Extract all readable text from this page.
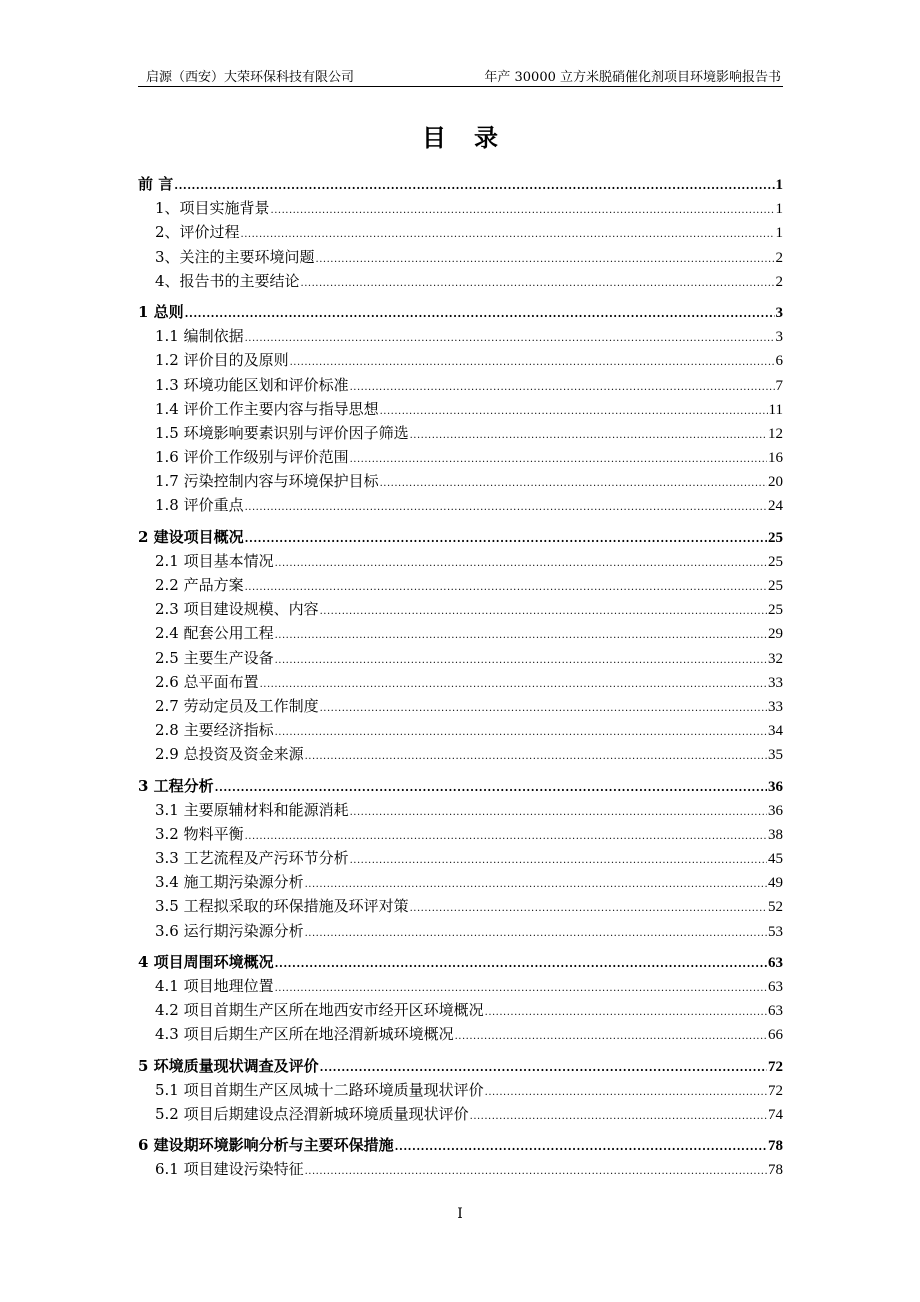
启源（西安）大荣环保科技有限公司	年产 30000 立方米脱硝催化剂项目环境影响报告书
目录
前 言 .....	1
1、项目实施背景 .....	1
2、评价过程 .....	1
3、关注的主要环境问题 .....	2
4、报告书的主要结论 .....	2
1 总则 .....	3
1.1 编制依据 .....	3
1.2 评价目的及原则 .....	6
1.3 环境功能区划和评价标准 .....	7
1.4 评价工作主要内容与指导思想 .....	11
1.5 环境影响要素识别与评价因子筛选 .....	12
1.6 评价工作级别与评价范围 .....	16
1.7 污染控制内容与环境保护目标 .....	20
1.8 评价重点 .....	24
2 建设项目概况 .....	25
2.1 项目基本情况 .....	25
2.2 产品方案 .....	25
2.3 项目建设规模、内容 .....	25
2.4 配套公用工程 .....	29
2.5 主要生产设备 .....	32
2.6 总平面布置 .....	33
2.7 劳动定员及工作制度 .....	33
2.8 主要经济指标 .....	34
2.9 总投资及资金来源 .....	35
3 工程分析 .....	36
3.1 主要原辅材料和能源消耗 .....	36
3.2 物料平衡 .....	38
3.3 工艺流程及产污环节分析 .....	45
3.4 施工期污染源分析 .....	49
3.5 工程拟采取的环保措施及环评对策 .....	52
3.6 运行期污染源分析 .....	53
4 项目周围环境概况 .....	63
4.1 项目地理位置 .....	63
4.2 项目首期生产区所在地西安市经开区环境概况 .....	63
4.3 项目后期生产区所在地泾渭新城环境概况 .....	66
5 环境质量现状调查及评价 .....	72
5.1 项目首期生产区凤城十二路环境质量现状评价 .....	72
5.2 项目后期建设点泾渭新城环境质量现状评价 .....	74
6 建设期环境影响分析与主要环保措施 .....	78
6.1 项目建设污染特征 .....	78
I
